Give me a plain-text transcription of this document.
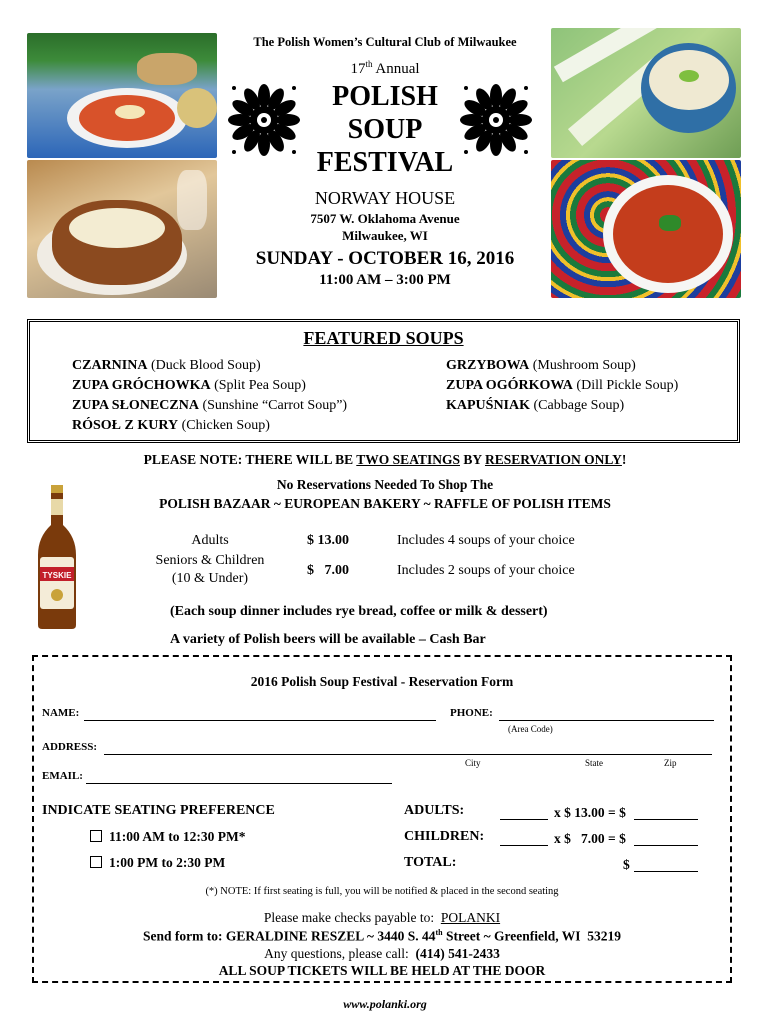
The Polish Women’s Cultural Club of Milwaukee
17th Annual
POLISH
SOUP
FESTIVAL
NORWAY HOUSE
7507 W. Oklahoma Avenue
Milwaukee, WI
SUNDAY - OCTOBER 16, 2016
11:00 AM – 3:00 PM
FEATURED SOUPS
CZARNINA (Duck Blood Soup)
ZUPA GRÓCHOWKA (Split Pea Soup)
ZUPA SŁONECZNA (Sunshine “Carrot Soup”)
RÓSOŁ Z KURY (Chicken Soup)
GRZYBOWA (Mushroom Soup)
ZUPA OGÓRKOWA (Dill Pickle Soup)
KAPUŚNIAK (Cabbage Soup)
PLEASE NOTE: THERE WILL BE TWO SEATINGS BY RESERVATION ONLY!
No Reservations Needed To Shop The
POLISH BAZAAR ~ EUROPEAN BAKERY ~ RAFFLE OF POLISH ITEMS
TYSKIE
Adults	$ 13.00	Includes 4 soups of your choice
Seniors & Children
(10 & Under)
$   7.00	Includes 2 soups of your choice
(Each soup dinner includes rye bread, coffee or milk & dessert)
A variety of Polish beers will be available – Cash Bar
2016 Polish Soup Festival - Reservation Form
NAME:	PHONE:
(Area Code)
ADDRESS:
City	State	Zip
EMAIL:
INDICATE SEATING PREFERENCE
11:00 AM to 12:30 PM*
1:00 PM to 2:30 PM
ADULTS:	x $ 13.00 = $
CHILDREN:	x $   7.00 = $
TOTAL:	$
(*) NOTE: If first seating is full, you will be notified & placed in the second seating
Please make checks payable to:  POLANKI
Send form to: GERALDINE RESZEL ~ 3440 S. 44th Street ~ Greenfield, WI  53219
Any questions, please call:  (414) 541-2433
ALL SOUP TICKETS WILL BE HELD AT THE DOOR
www.polanki.org
